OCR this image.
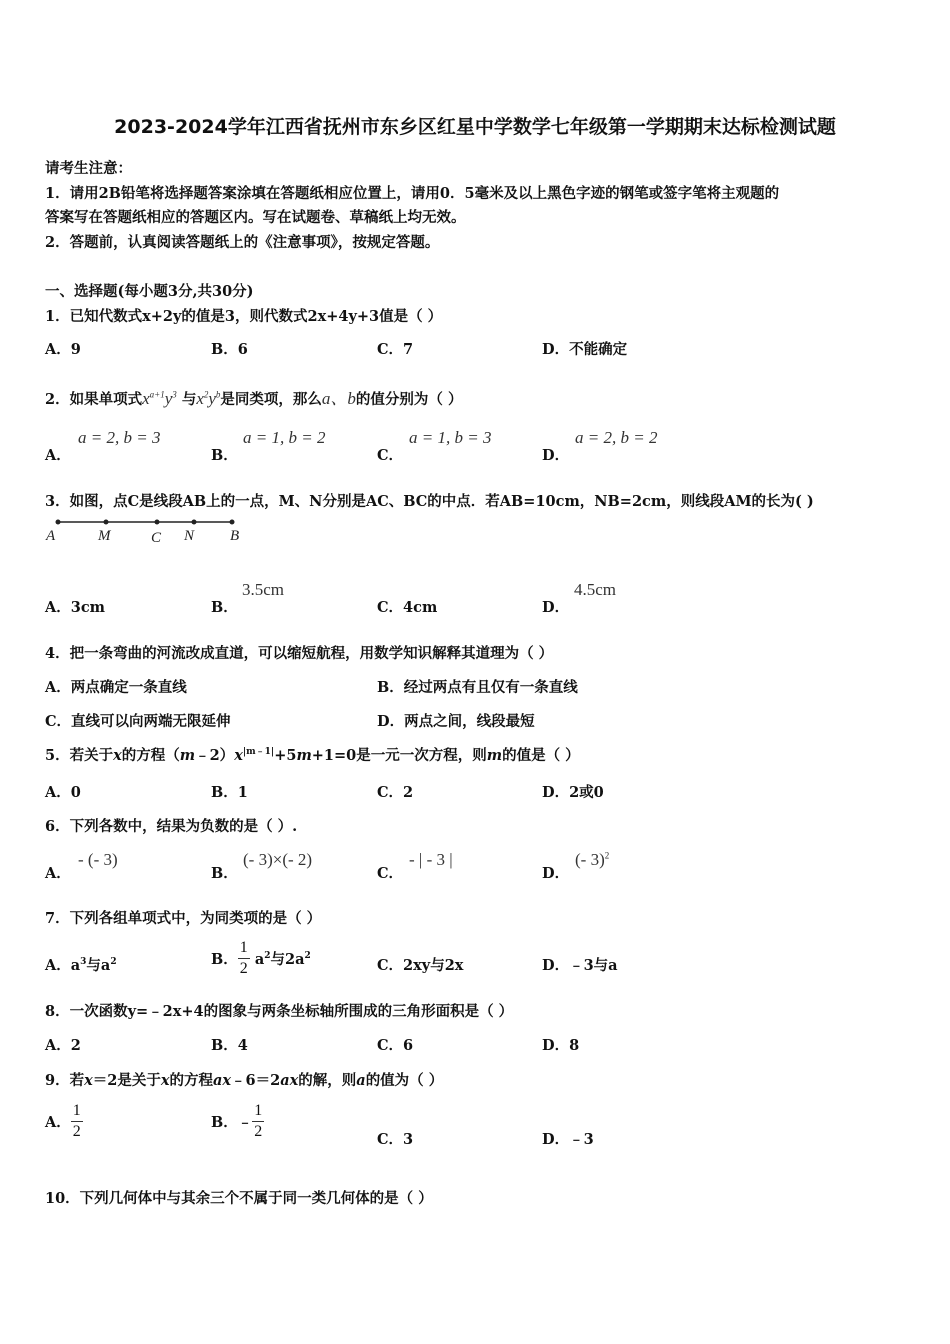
2023-2024学年江西省抚州市东乡区红星中学数学七年级第一学期期末达标检测试题
请考生注意：
1．请用2B铅笔将选择题答案涂填在答题纸相应位置上，请用0．5毫米及以上黑色字迹的钢笔或签字笔将主观题的
答案写在答题纸相应的答题区内。写在试题卷、草稿纸上均无效。
2．答题前，认真阅读答题纸上的《注意事项》，按规定答题。
一、选择题(每小题3分,共30分)
1．已知代数式x+2y的值是3，则代数式2x+4y+3值是（ ）
A．9	B．6	C．7	D．不能确定
2．如果单项式$x^{a+1}y^3$ 与$x^2y^b$是同类项，那么a、b的值分别为（ ）
A．
a = 2, b = 3
B．
a = 1, b = 2
C．
a = 1, b = 3
D．
a = 2, b = 2
3．如图，点C是线段AB上的一点，M、N分别是AC、BC的中点．若AB=10cm，NB=2cm，则线段AM的长为( )
A	M	C N B
A．3cm	B．
3.5cm
C．4cm	D．
4.5cm
4．把一条弯曲的河流改成直道，可以缩短航程，用数学知识解释其道理为（ ）
A．两点确定一条直线	B．经过两点有且仅有一条直线
C．直线可以向两端无限延伸	D．两点之间，线段最短
5．若关于x的方程$(m﹣2)x^{|m﹣1|}+5m+1=0$是一元一次方程，则m的值是（ ）
A．0	B．1	C．2	D．2或0
6．下列各数中，结果为负数的是（ ）.
A．
- (- 3)
B．
(- 3)×(- 2)
C．
- | - 3 |
D．
(- 3)$^2$
7．下列各组单项式中，为同类项的是（ ）
A．$a^3$与$a^2$	B． $\frac{1}{2} a^2$与$2a^2$
C．2xy与2x	D．﹣3与a
8．一次函数y=﹣2x+4的图象与两条坐标轴所围成的三角形面积是（ ）
A．2	B．4	C．6	D．8
9．若x＝2是关于x的方程ax﹣6＝2ax的解，则a的值为（ ）
A． $\frac{1}{2}$	B．﹣ $\frac{1}{2}$	C．3	D．﹣3
10．下列几何体中与其余三个不属于同一类几何体的是（ ）
